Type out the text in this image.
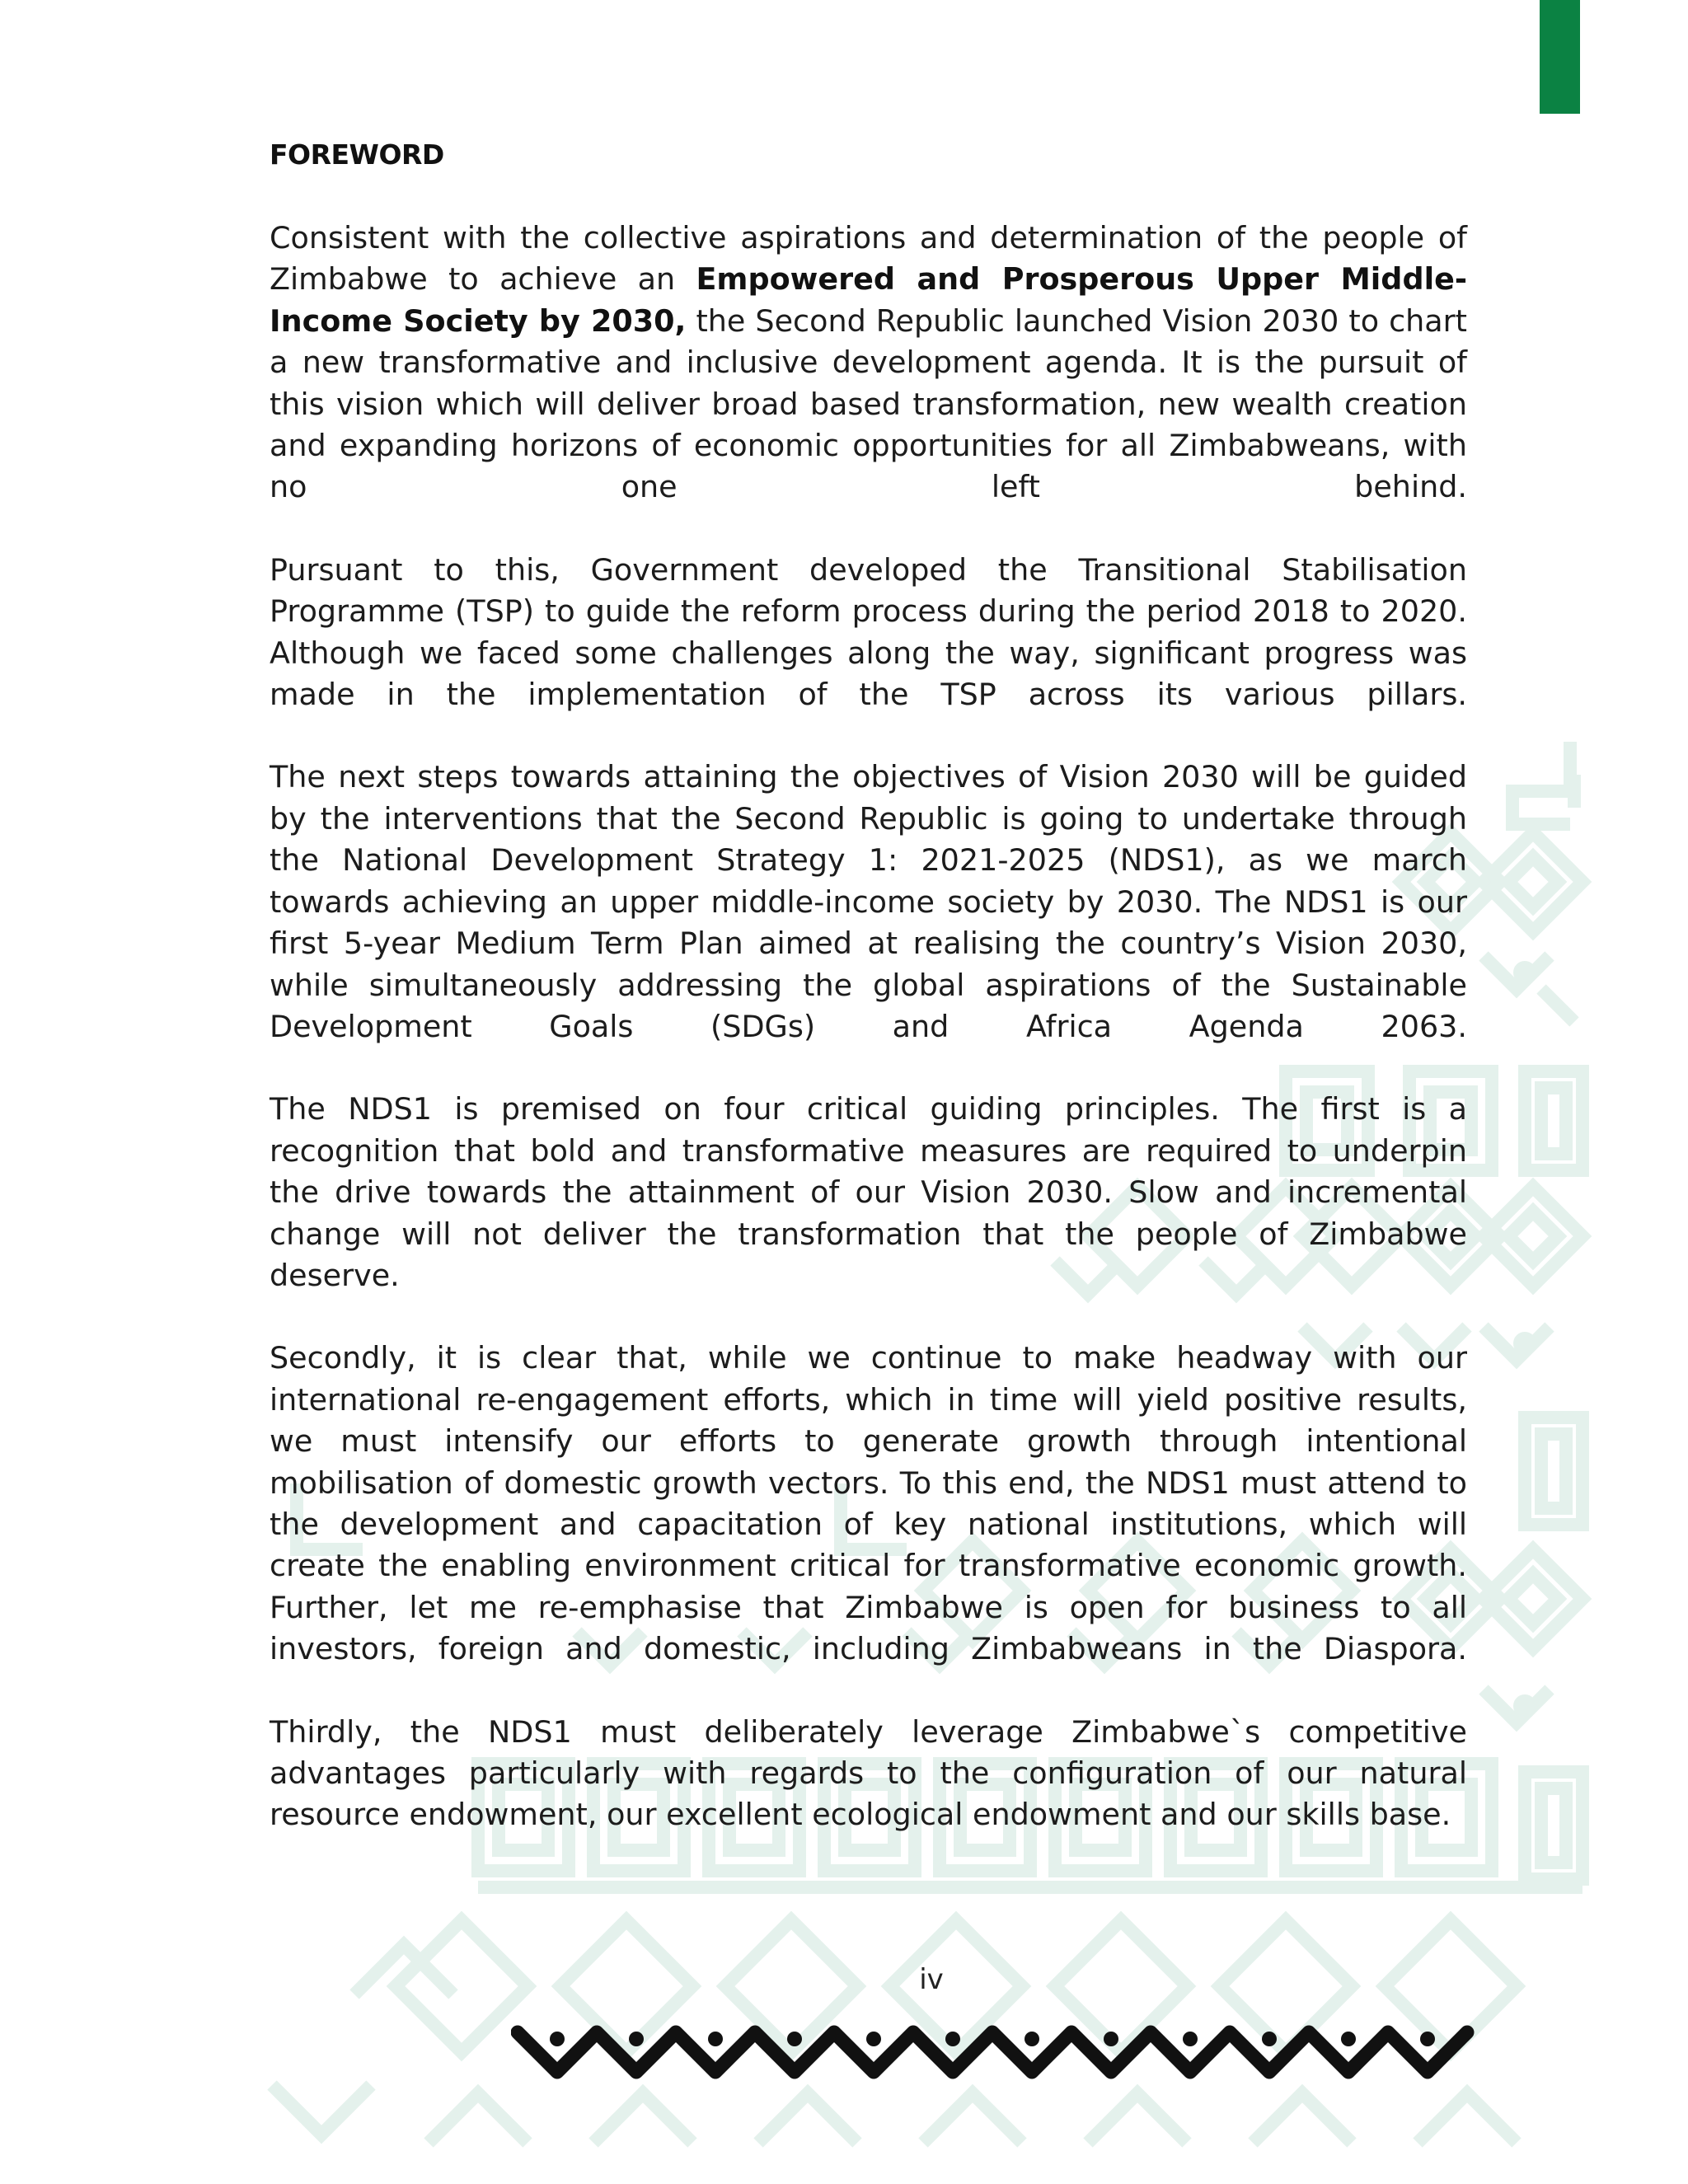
FOREWORD

Consistent with the collective aspirations and determination of the people of Zimbabwe to achieve an Empowered and Prosperous Upper Middle-Income Society by 2030, the Second Republic launched Vision 2030 to chart a new transformative and inclusive development agenda. It is the pursuit of this vision which will deliver broad based transformation, new wealth creation and expanding horizons of economic opportunities for all Zimbabweans, with no one left behind.

Pursuant to this, Government developed the Transitional Stabilisation Programme (TSP) to guide the reform process during the period 2018 to 2020. Although we faced some challenges along the way, significant progress was made in the implementation of the TSP across its various pillars.

The next steps towards attaining the objectives of Vision 2030 will be guided by the interventions that the Second Republic is going to undertake through the National Development Strategy 1: 2021-2025 (NDS1), as we march towards achieving an upper middle-income society by 2030. The NDS1 is our first 5-year Medium Term Plan aimed at realising the country’s Vision 2030, while simultaneously addressing the global aspirations of the Sustainable Development Goals (SDGs) and Africa Agenda 2063.

The NDS1 is premised on four critical guiding principles. The first is a recognition that bold and transformative measures are required to underpin the drive towards the attainment of our Vision 2030. Slow and incremental change will not deliver the transformation that the people of Zimbabwe deserve.

Secondly, it is clear that, while we continue to make headway with our international re-engagement efforts, which in time will yield positive results, we must intensify our efforts to generate growth through intentional mobilisation of domestic growth vectors. To this end, the NDS1 must attend to the development and capacitation of key national institutions, which will create the enabling environment critical for transformative economic growth. Further, let me re-emphasise that Zimbabwe is open for business to all investors, foreign and domestic, including Zimbabweans in the Diaspora.

Thirdly, the NDS1 must deliberately leverage Zimbabwe`s competitive advantages particularly with regards to the configuration of our natural resource endowment, our excellent ecological endowment and our skills base.

iv
